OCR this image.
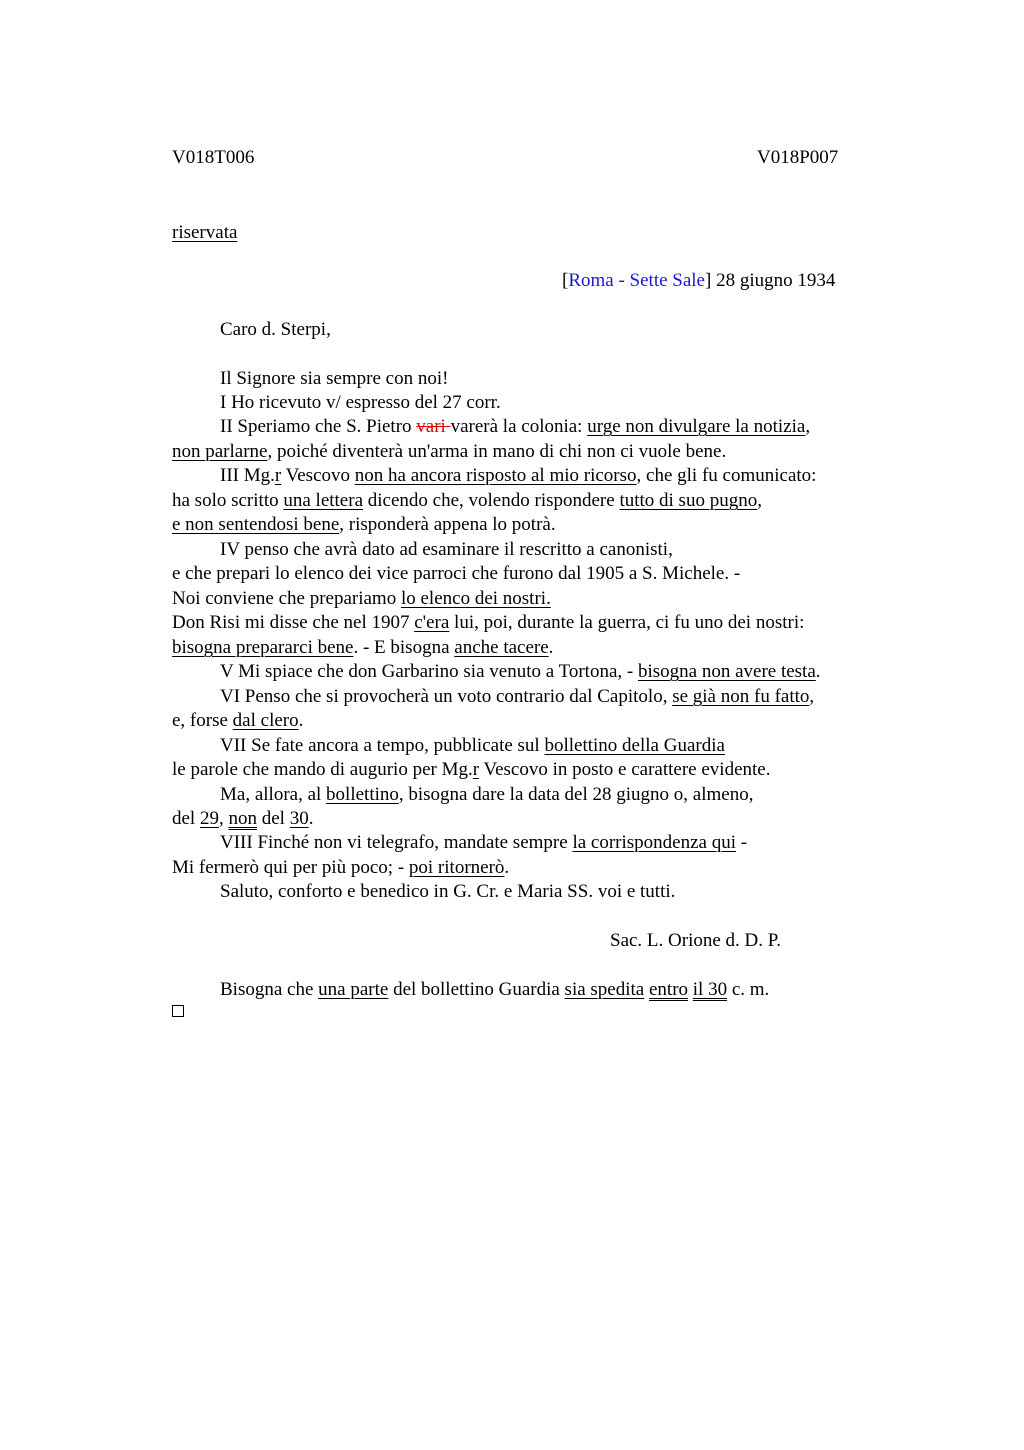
V018T006	V018P007
riservata
[Roma - Sette Sale] 28 giugno 1934
Caro d. Sterpi,
Il Signore sia sempre con noi!
I Ho ricevuto v/ espresso del 27 corr.
II Speriamo che S. Pietro vari varerà la colonia: urge non divulgare la notizia,
non parlarne, poiché diventerà un'arma in mano di chi non ci vuole bene.
III Mg.r Vescovo non ha ancora risposto al mio ricorso, che gli fu comunicato:
ha solo scritto una lettera dicendo che, volendo rispondere tutto di suo pugno,
e non sentendosi bene, risponderà appena lo potrà.
IV penso che avrà dato ad esaminare il rescritto a canonisti,
e che prepari lo elenco dei vice parroci che furono dal 1905 a S. Michele. -
Noi conviene che prepariamo lo elenco dei nostri.
Don Risi mi disse che nel 1907 c'era lui, poi, durante la guerra, ci fu uno dei nostri:
bisogna prepararci bene. - E bisogna anche tacere.
V Mi spiace che don Garbarino sia venuto a Tortona, - bisogna non avere testa.
VI Penso che si provocherà un voto contrario dal Capitolo, se già non fu fatto,
e, forse dal clero.
VII Se fate ancora a tempo, pubblicate sul bollettino della Guardia
le parole che mando di augurio per Mg.r Vescovo in posto e carattere evidente.
Ma, allora, al bollettino, bisogna dare la data del 28 giugno o, almeno,
del 29, non del 30.
VIII Finché non vi telegrafo, mandate sempre la corrispondenza qui -
Mi fermerò qui per più poco; - poi ritornerò.
Saluto, conforto e benedico in G. Cr. e Maria SS. voi e tutti.
Sac. L. Orione d. D. P.
Bisogna che una parte del bollettino Guardia sia spedita entro il 30 c. m.
